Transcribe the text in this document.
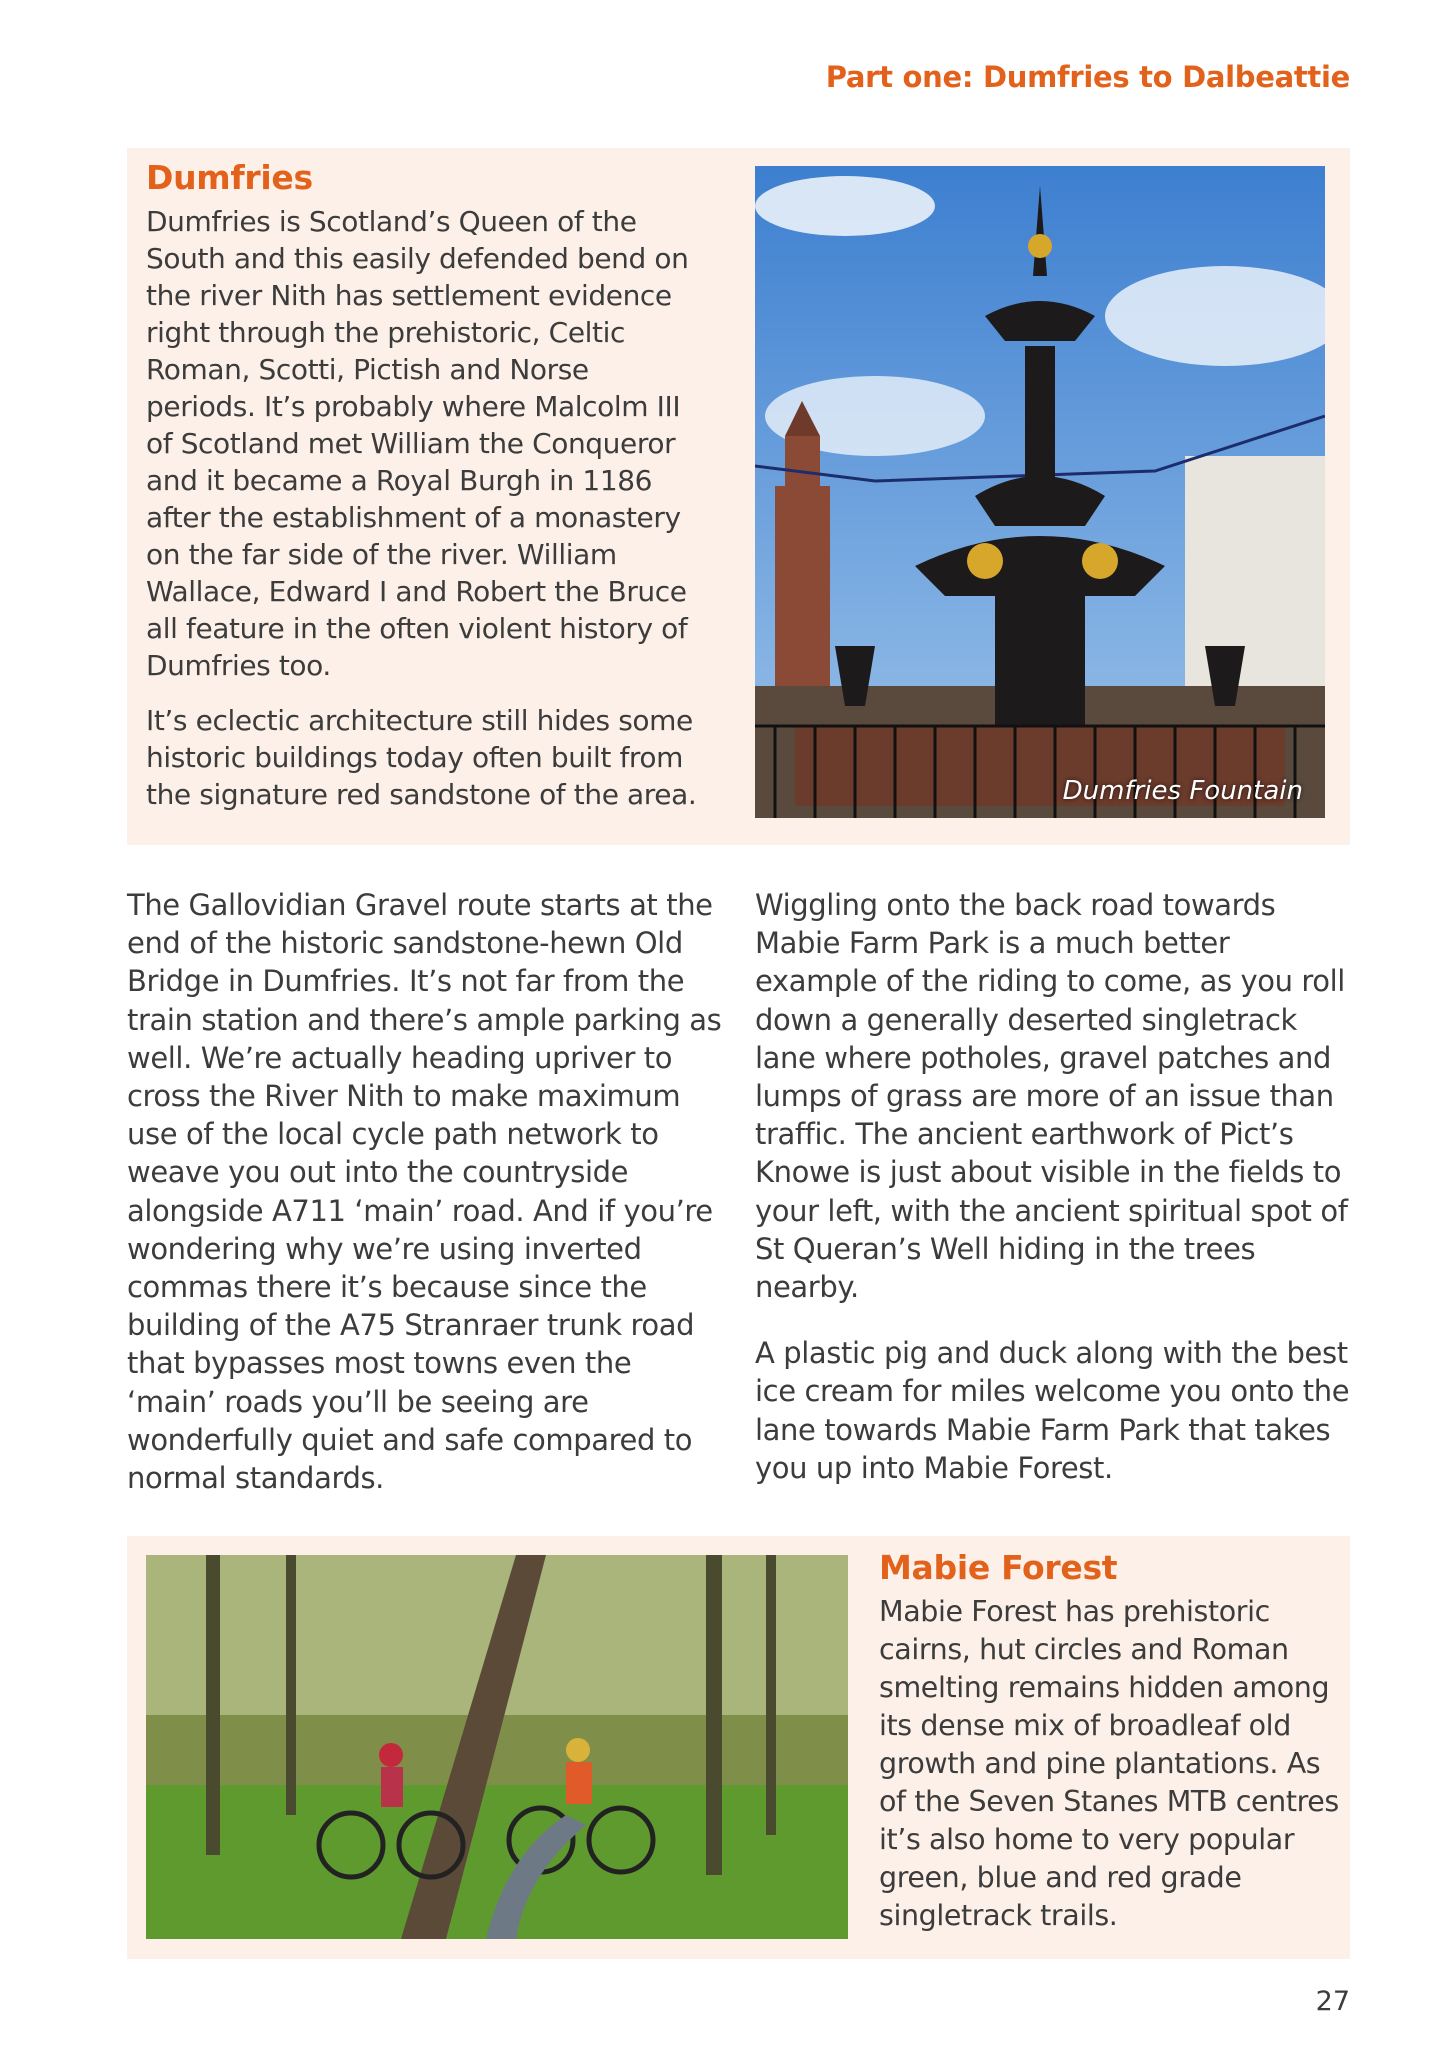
Part one: Dumfries to Dalbeattie
Dumfries

Dumfries is Scotland’s Queen of the South and this easily defended bend on the river Nith has settlement evidence right through the prehistoric, Celtic Roman, Scotti, Pictish and Norse periods. It’s probably where Malcolm III of Scotland met William the Conqueror and it became a Royal Burgh in 1186 after the establishment of a monastery on the far side of the river. William Wallace, Edward I and Robert the Bruce all feature in the often violent history of Dumfries too.

It’s eclectic architecture still hides some historic buildings today often built from the signature red sandstone of the area.	Dumfries Fountain

The Gallovidian Gravel route starts at the end of the historic sandstone-hewn Old Bridge in Dumfries. It’s not far from the train station and there’s ample parking as well. We’re actually heading upriver to cross the River Nith to make maximum use of the local cycle path network to weave you out into the countryside alongside A711 ‘main’ road. And if you’re wondering why we’re using inverted commas there it’s because since the building of the A75 Stranraer trunk road that bypasses most towns even the ‘main’ roads you’ll be seeing are wonderfully quiet and safe compared to normal standards.

Wiggling onto the back road towards Mabie Farm Park is a much better example of the riding to come, as you roll down a generally deserted singletrack lane where potholes, gravel patches and lumps of grass are more of an issue than traffic. The ancient earthwork of Pict’s Knowe is just about visible in the fields to your left, with the ancient spiritual spot of St Queran’s Well hiding in the trees nearby.

A plastic pig and duck along with the best ice cream for miles welcome you onto the lane towards Mabie Farm Park that takes you up into Mabie Forest.

Mabie Forest

Mabie Forest has prehistoric cairns, hut circles and Roman smelting remains hidden among its dense mix of broadleaf old growth and pine plantations. As of the Seven Stanes MTB centres it’s also home to very popular green, blue and red grade singletrack trails.

27
